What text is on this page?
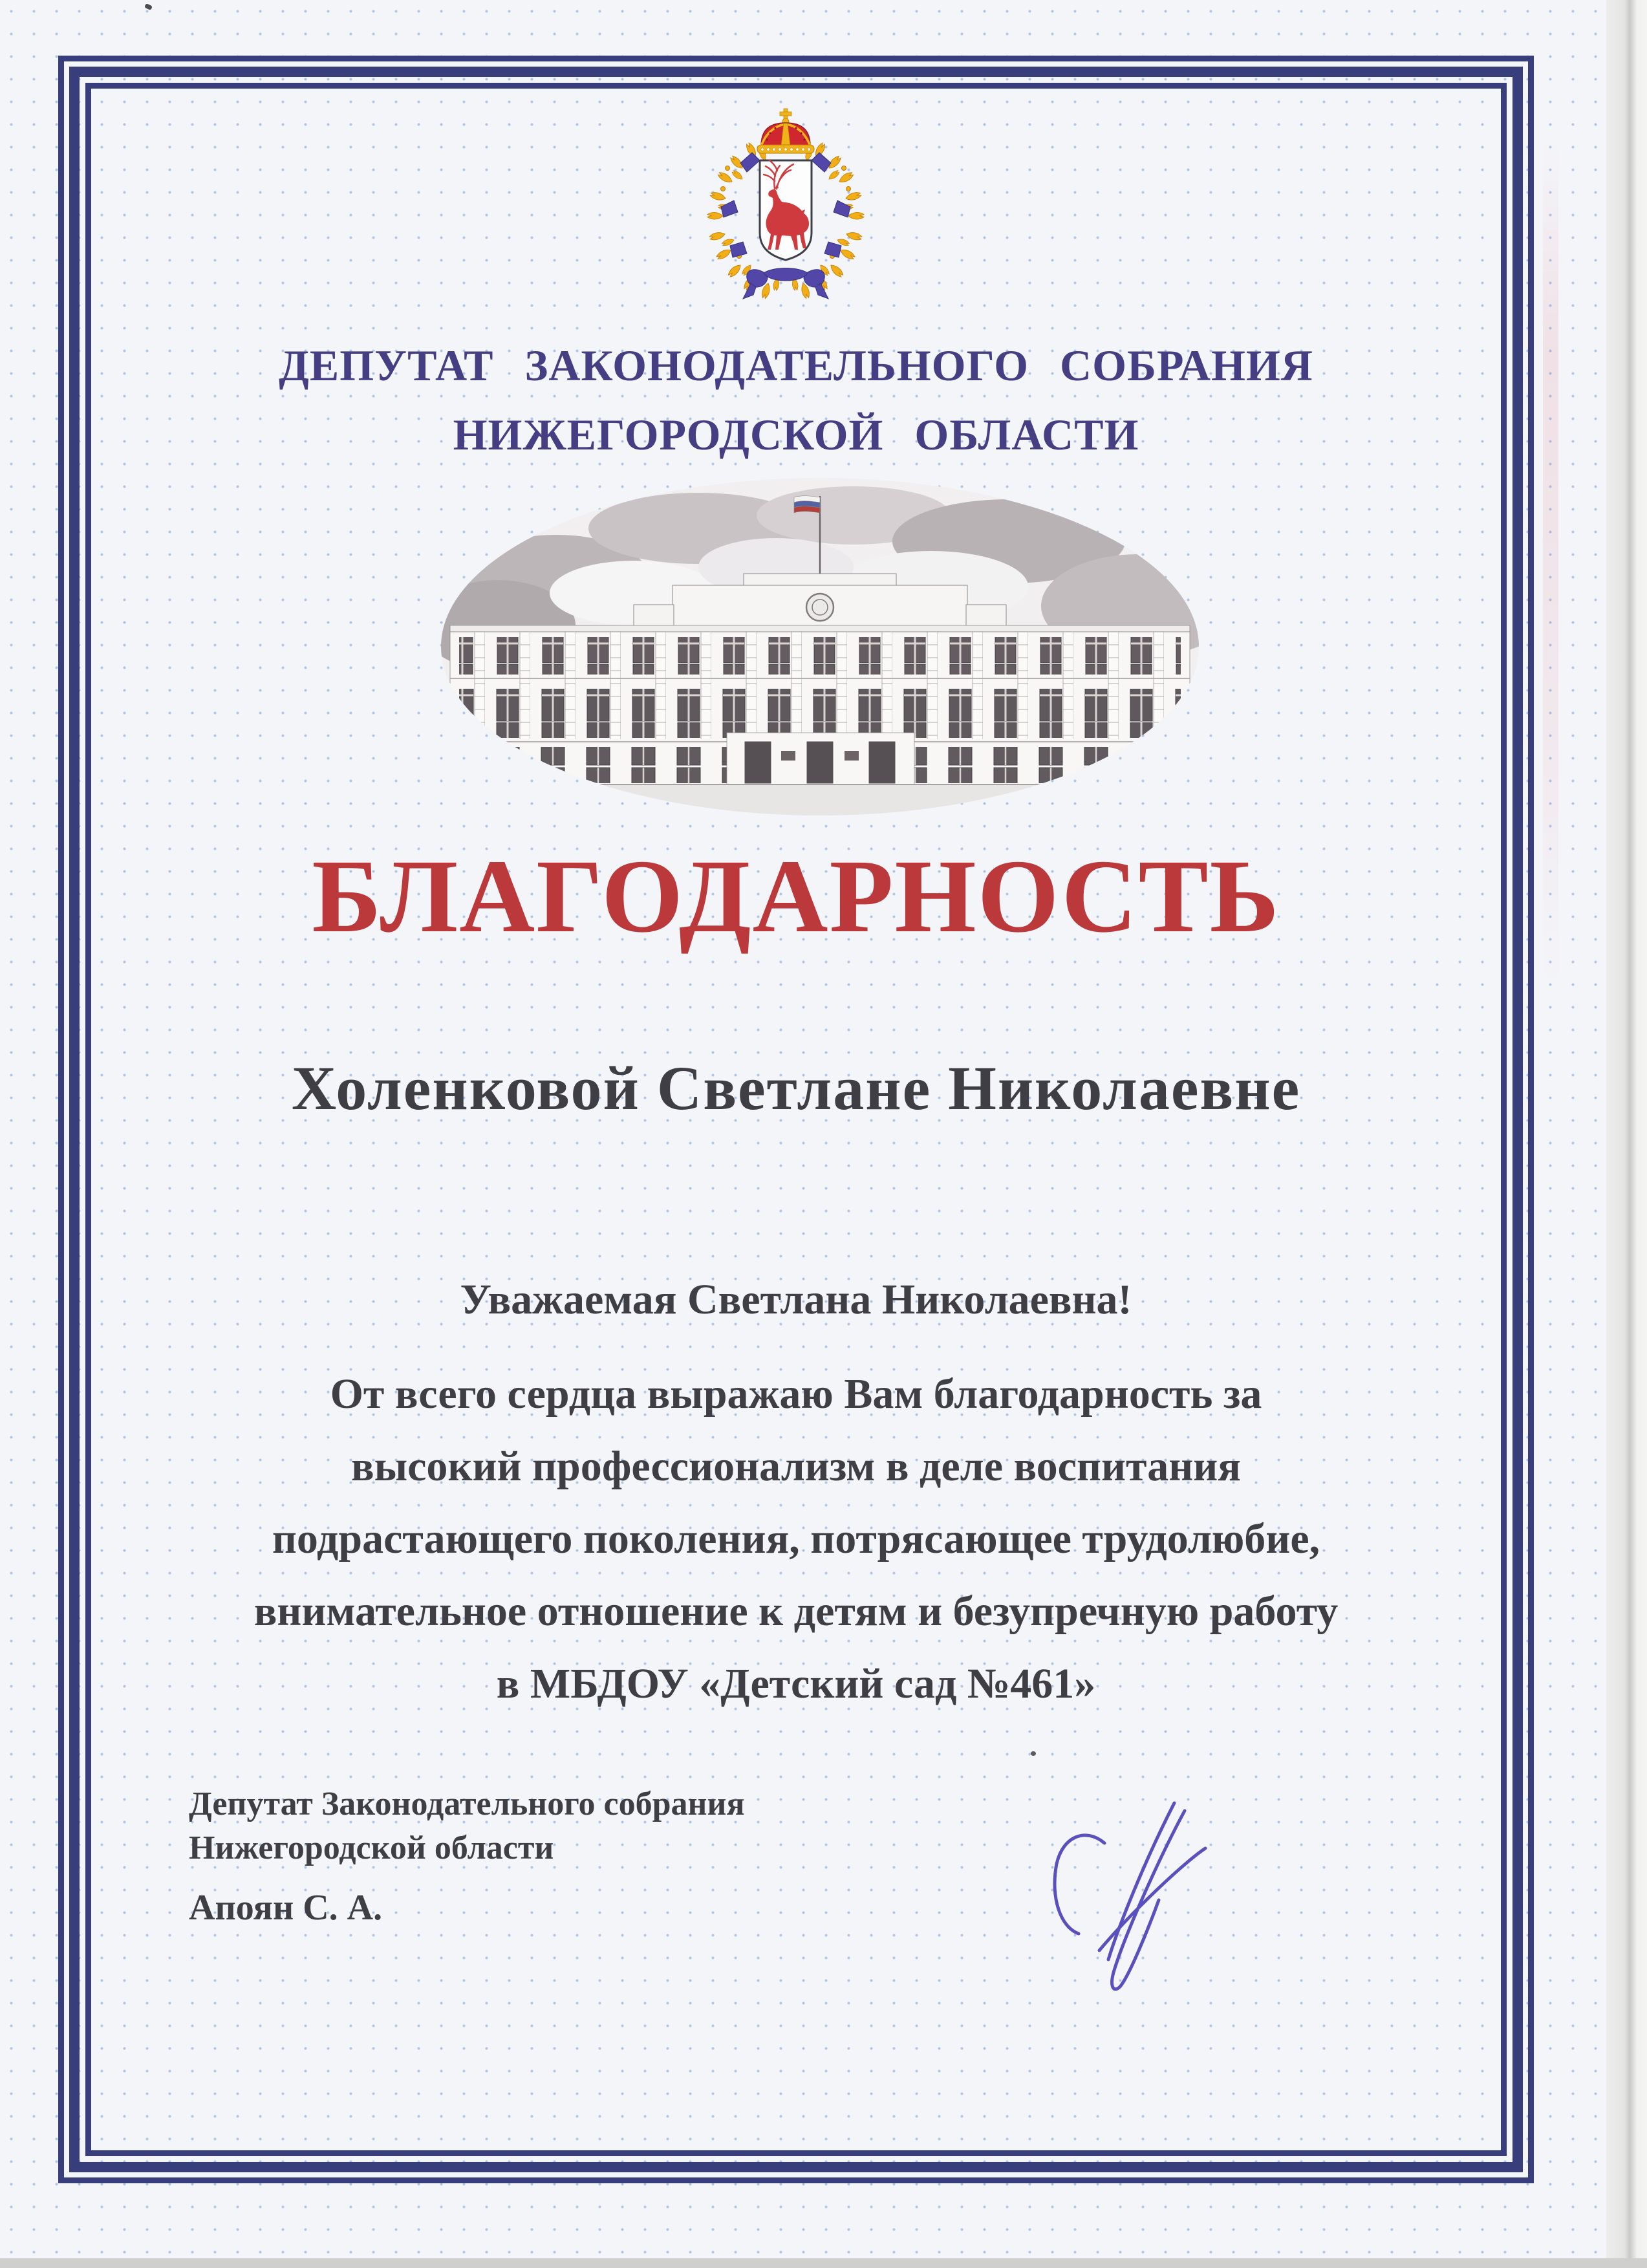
ДЕПУТАТ ЗАКОНОДАТЕЛЬНОГО СОБРАНИЯ
НИЖЕГОРОДСКОЙ ОБЛАСТИ
БЛАГОДАРНОСТЬ
Холенковой Светлане Николаевне
Уважаемая Светлана Николаевна!
От всего сердца выражаю Вам благодарность за
высокий профессионализм в деле воспитания
подрастающего поколения, потрясающее трудолюбие,
внимательное отношение к детям и безупречную работу
в МБДОУ «Детский сад №461»
Депутат Законодательного собрания
Нижегородской области
Апоян С. А.
